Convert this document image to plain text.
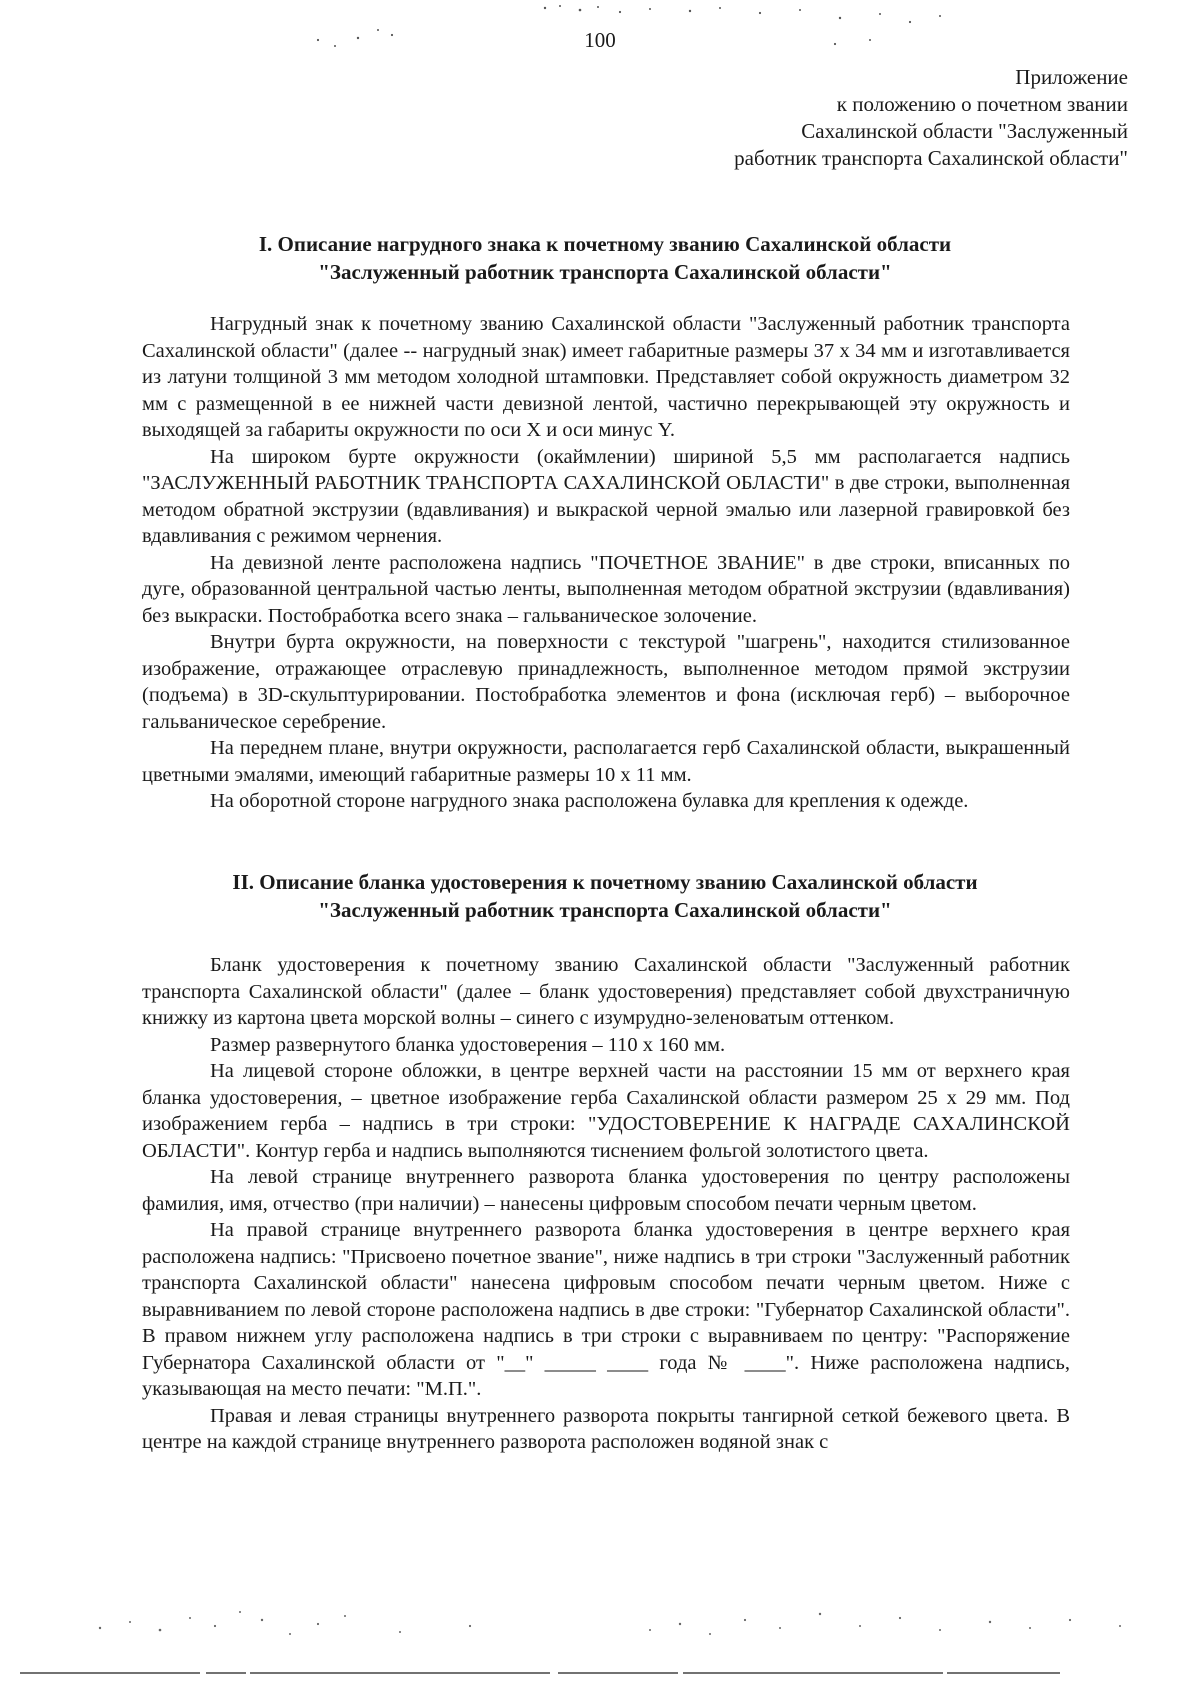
100
Приложение
к положению о почетном звании
Сахалинской области "Заслуженный
работник транспорта Сахалинской области"
I. Описание нагрудного знака к почетному званию Сахалинской области
"Заслуженный работник транспорта Сахалинской области"

Нагрудный знак к почетному званию Сахалинской области "Заслуженный работник транспорта Сахалинской области" (далее -- нагрудный знак) имеет габаритные размеры 37 x 34 мм и изготавливается из латуни толщиной 3 мм методом холодной штамповки. Представляет собой окружность диаметром 32 мм с размещенной в ее нижней части девизной лентой, частично перекрывающей эту окружность и выходящей за габариты окружности по оси X и оси минус Y.

На широком бурте окружности (окаймлении) шириной 5,5 мм располагается надпись "ЗАСЛУЖЕННЫЙ РАБОТНИК ТРАНСПОРТА САХАЛИНСКОЙ ОБЛАСТИ" в две строки, выполненная методом обратной экструзии (вдавливания) и выкраской черной эмалью или лазерной гравировкой без вдавливания с режимом чернения.

На девизной ленте расположена надпись "ПОЧЕТНОЕ ЗВАНИЕ" в две строки, вписанных по дуге, образованной центральной частью ленты, выполненная методом обратной экструзии (вдавливания) без выкраски. Постобработка всего знака – гальваническое золочение.

Внутри бурта окружности, на поверхности с текстурой "шагрень", находится стилизованное изображение, отражающее отраслевую принадлежность, выполненное методом прямой экструзии (подъема) в 3D-скульптурировании. Постобработка элементов и фона (исключая герб) – выборочное гальваническое серебрение.

На переднем плане, внутри окружности, располагается герб Сахалинской области, выкрашенный цветными эмалями, имеющий габаритные размеры 10 x 11 мм.

На оборотной стороне нагрудного знака расположена булавка для крепления к одежде.

II. Описание бланка удостоверения к почетному званию Сахалинской области
"Заслуженный работник транспорта Сахалинской области"

Бланк удостоверения к почетному званию Сахалинской области "Заслуженный работник транспорта Сахалинской области" (далее – бланк удостоверения) представляет собой двухстраничную книжку из картона цвета морской волны – синего с изумрудно-зеленоватым оттенком.

Размер развернутого бланка удостоверения – 110 x 160 мм.

На лицевой стороне обложки, в центре верхней части на расстоянии 15 мм от верхнего края бланка удостоверения, – цветное изображение герба Сахалинской области размером 25 x 29 мм. Под изображением герба – надпись в три строки: "УДОСТОВЕРЕНИЕ К НАГРАДЕ САХАЛИНСКОЙ ОБЛАСТИ". Контур герба и надпись выполняются тиснением фольгой золотистого цвета.

На левой странице внутреннего разворота бланка удостоверения по центру расположены фамилия, имя, отчество (при наличии) – нанесены цифровым способом печати черным цветом.

На правой странице внутреннего разворота бланка удостоверения в центре верхнего края расположена надпись: "Присвоено почетное звание", ниже надпись в три строки "Заслуженный работник транспорта Сахалинской области" нанесена цифровым способом печати черным цветом. Ниже с выравниванием по левой стороне расположена надпись в две строки: "Губернатор Сахалинской области". В правом нижнем углу расположена надпись в три строки с выравниваем по центру: "Распоряжение Губернатора Сахалинской области от "__" _____ ____ года № ____". Ниже расположена надпись, указывающая на место печати: "М.П.".

Правая и левая страницы внутреннего разворота покрыты тангирной сеткой бежевого цвета. В центре на каждой странице внутреннего разворота расположен водяной знак с
